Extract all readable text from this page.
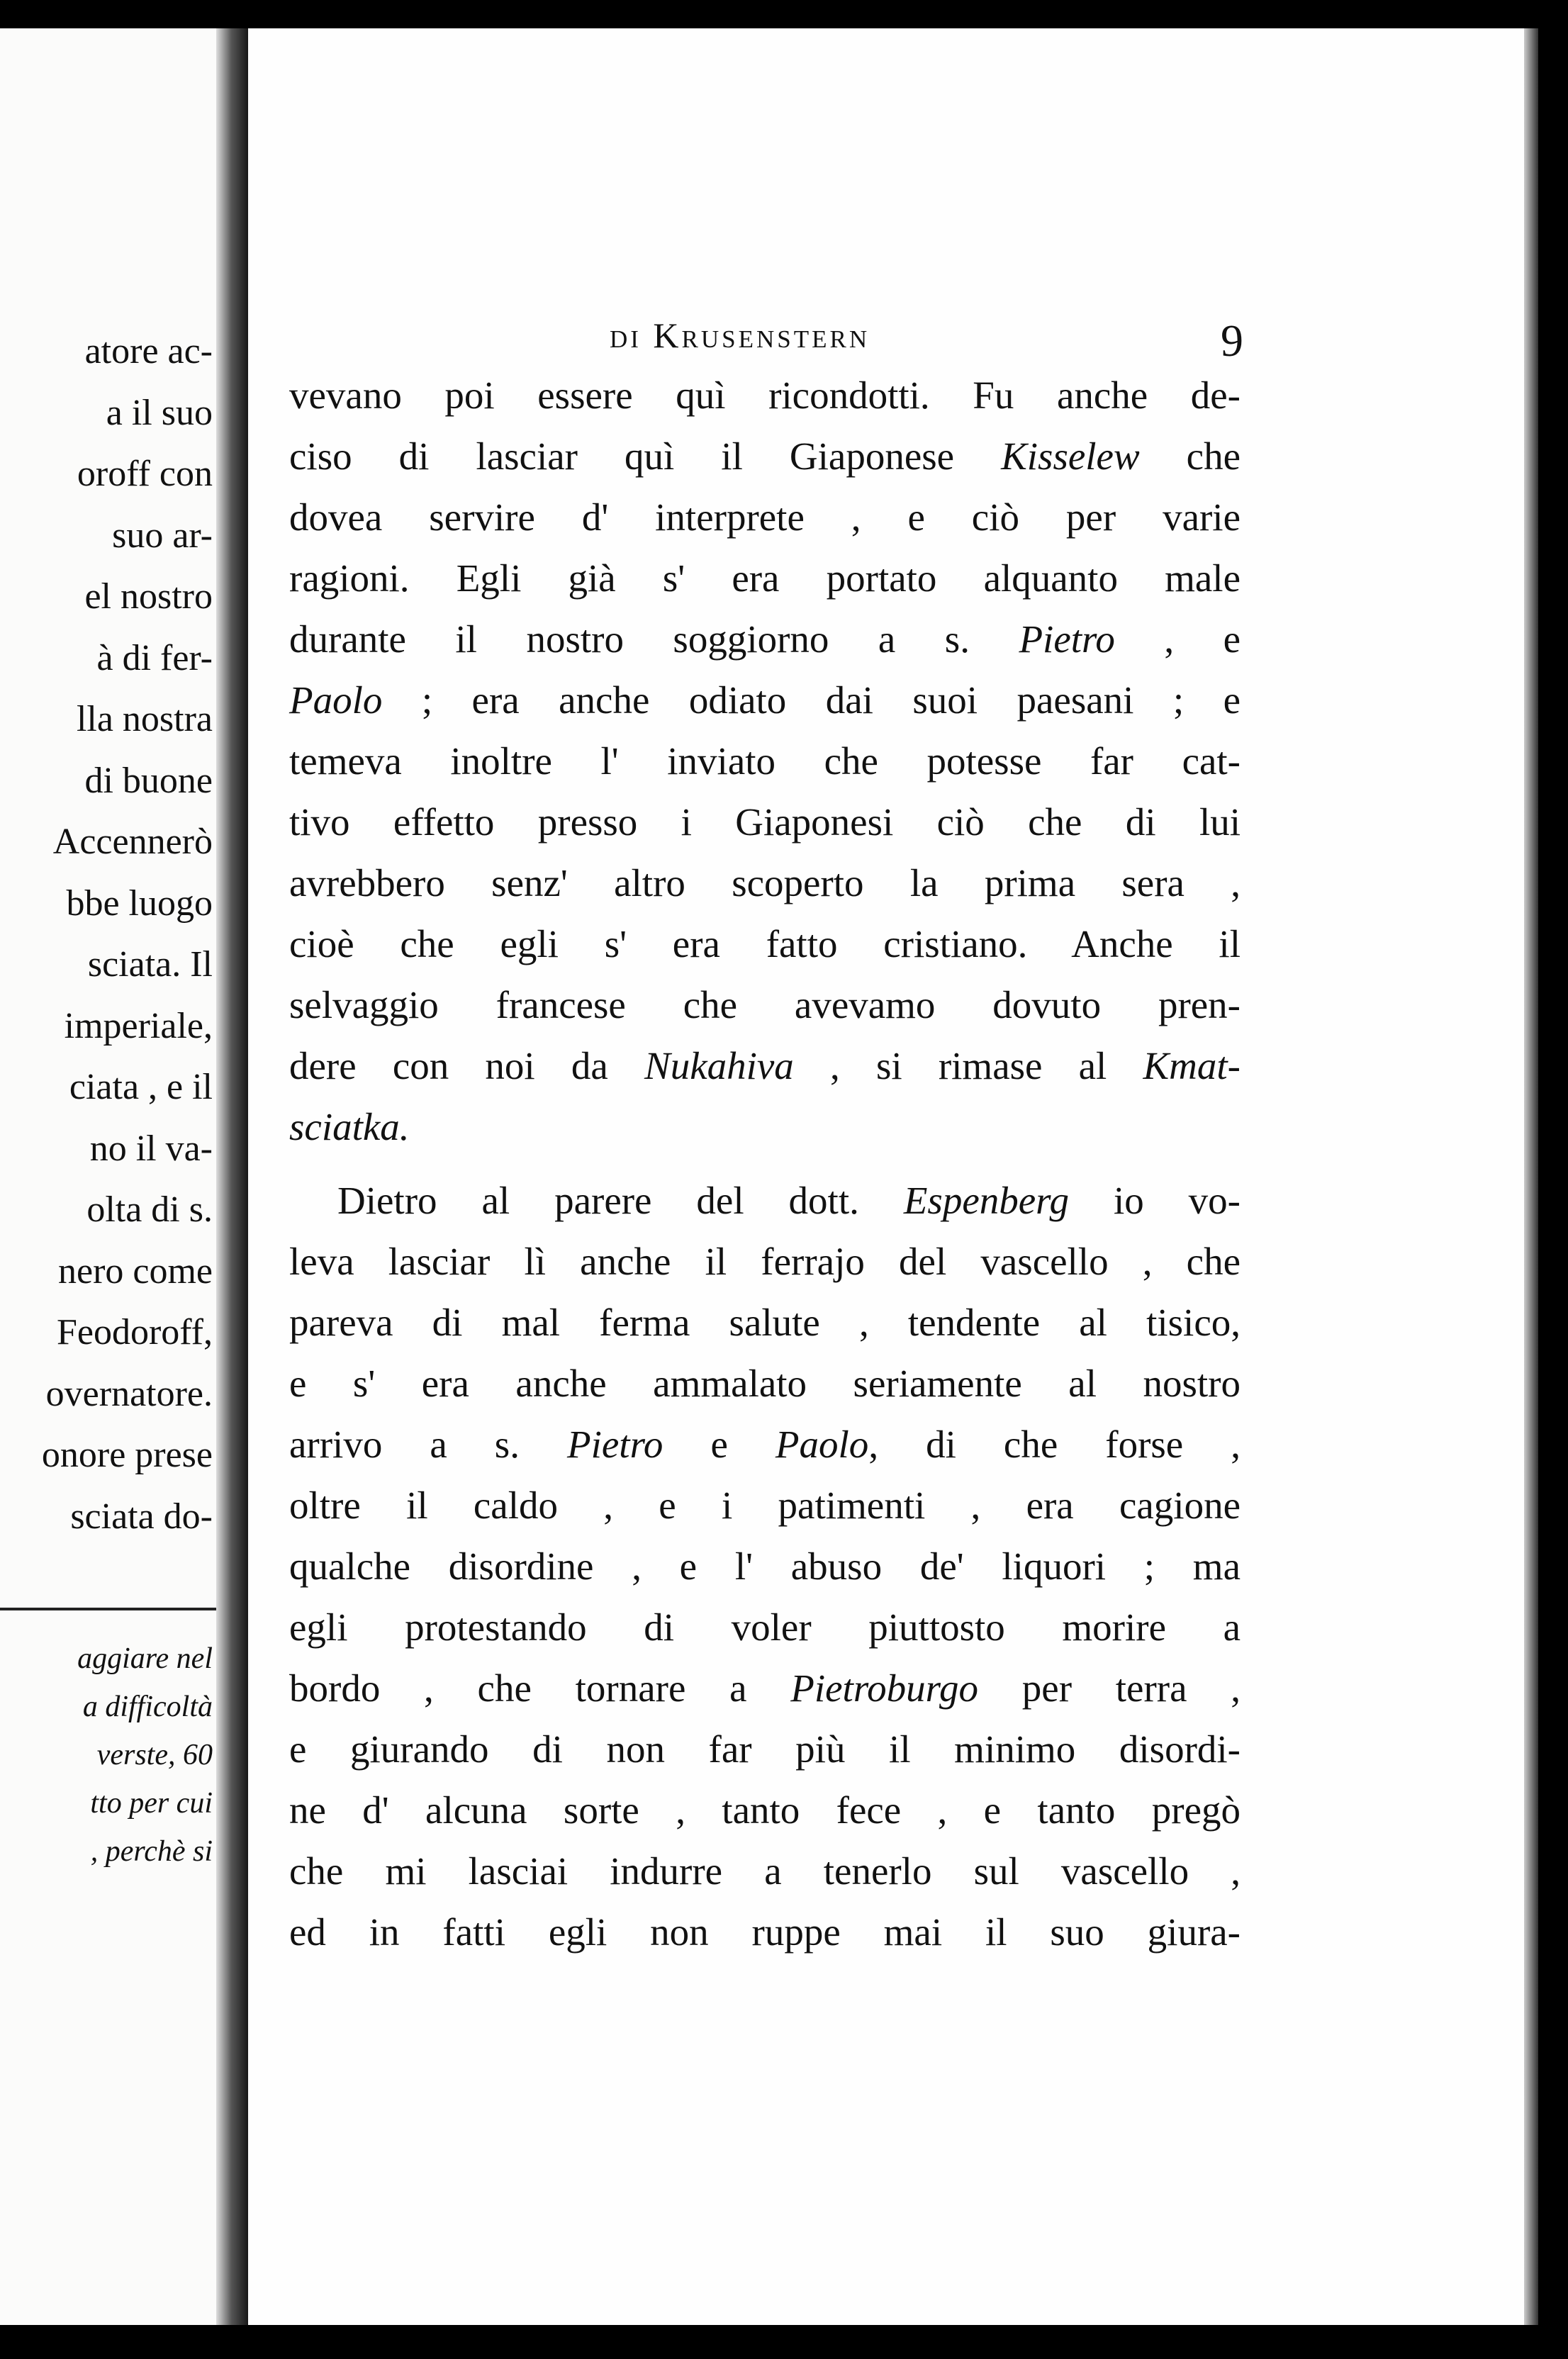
atore ac-
a il suo
oroff con
suo ar-
el nostro
à di fer-
lla nostra
di buone
Accennerò
bbe luogo
sciata. Il
imperiale,
ciata , e il
no il va-
olta di s.
nero come
Feodoroff,
overnatore.
onore prese
sciata do-
aggiare nel
a difficoltà
verste, 60
tto per cui
, perchè si
di Krusenstern	9
vevano poi essere quì ricondotti. Fu anche de-
ciso di lasciar quì il Giaponese Kisselew che
dovea servire d' interprete , e ciò per varie
ragioni. Egli già s' era portato alquanto male
durante il nostro soggiorno a s. Pietro , e
Paolo ; era anche odiato dai suoi paesani ; e
temeva inoltre l' inviato che potesse far cat-
tivo effetto presso i Giaponesi ciò che di lui
avrebbero senz' altro scoperto la prima sera ,
cioè che egli s' era fatto cristiano. Anche il
selvaggio francese che avevamo dovuto pren-
dere con noi da Nukahiva , si rimase al Kmat-
sciatka.
Dietro al parere del dott. Espenberg io vo-
leva lasciar lì anche il ferrajo del vascello , che
pareva di mal ferma salute , tendente al tisico,
e s' era anche ammalato seriamente al nostro
arrivo a s. Pietro e Paolo, di che forse ,
oltre il caldo , e i patimenti , era cagione
qualche disordine , e l' abuso de' liquori ; ma
egli protestando di voler piuttosto morire a
bordo , che tornare a Pietroburgo per terra ,
e giurando di non far più il minimo disordi-
ne d' alcuna sorte , tanto fece , e tanto pregò
che mi lasciai indurre a tenerlo sul vascello ,
ed in fatti egli non ruppe mai il suo giura-
